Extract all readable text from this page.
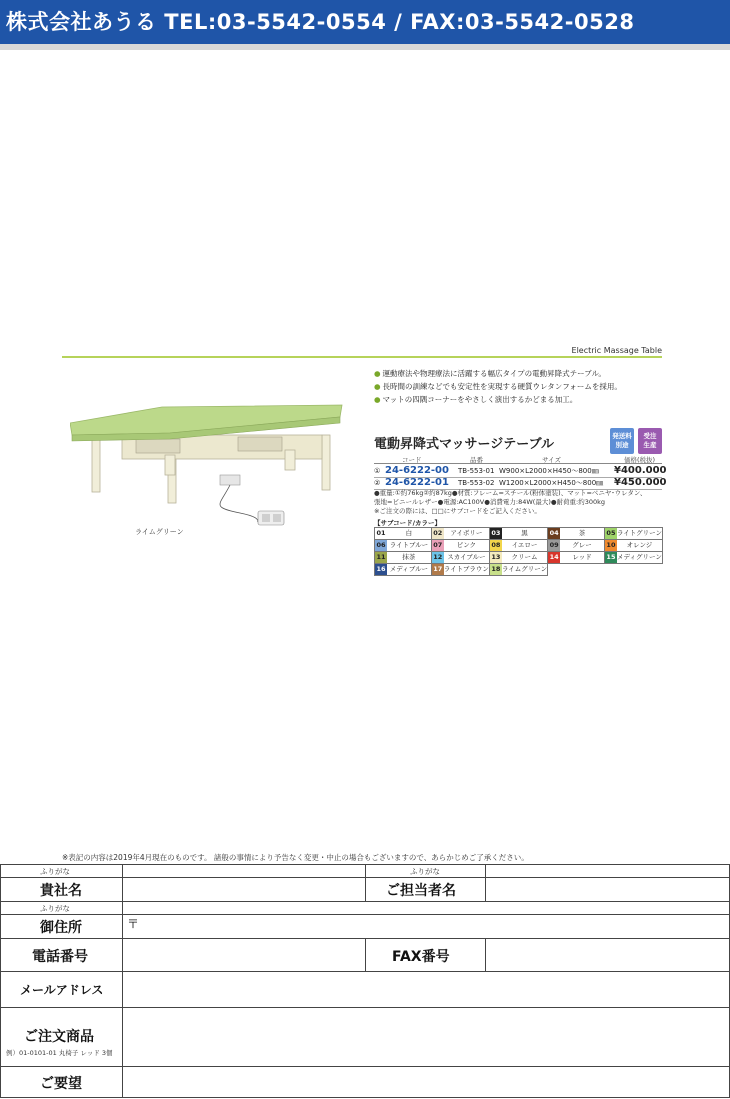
株式会社あうる TEL:03-5542-0554 / FAX:03-5542-0528
Electric Massage Table
ライムグリーン
● 運動療法や物理療法に活躍する幅広タイプの電動昇降式テーブル。
● 長時間の訓練などでも安定性を実現する硬質ウレタンフォームを採用。
● マットの四隅コーナーをやさしく演出するかどまる加工。
電動昇降式マッサージテーブル
発送料
別途
受注
生産
コード	品番	サイズ	価格(税抜)
① 24-6222-00 TB-553-01 W900×L2000×H450～800㎜ ¥400.000
② 24-6222-01 TB-553-02 W1200×L2000×H450～800㎜ ¥450.000
●重量:①約76kg②約87kg●材質:フレーム=スチール(粉体塗装)、マット=ベニヤ･ウレタン、
張地=ビニールレザー●電源:AC100V●消費電力:84W(最大)●耐荷重:約300kg
※ご注文の際には、□□にサブコードをご記入ください。
【サブコード/カラー】
01	白	02	アイボリー	03	黒	04	茶	05 ライトグリーン
06 ライトブルー 07	ピンク	08	イエロー	09	グレー	10	オレンジ
11	抹茶	12 スカイブルー 13	クリーム	14	レッド	15 メディグリーン
16 メディブルー 17 ライトブラウン 18 ライムグリーン
※表記の内容は2019年4月現在のものです。 諸般の事情により予告なく変更・中止の場合もございますので、あらかじめご了承ください。
ふりがな	ふりがな
貴社名	ご担当者名
ふりがな
御住所	〒
電話番号	FAX番号
メールアドレス
ご注文商品
例）01-0101-01 丸椅子 レッド 3個
ご要望
